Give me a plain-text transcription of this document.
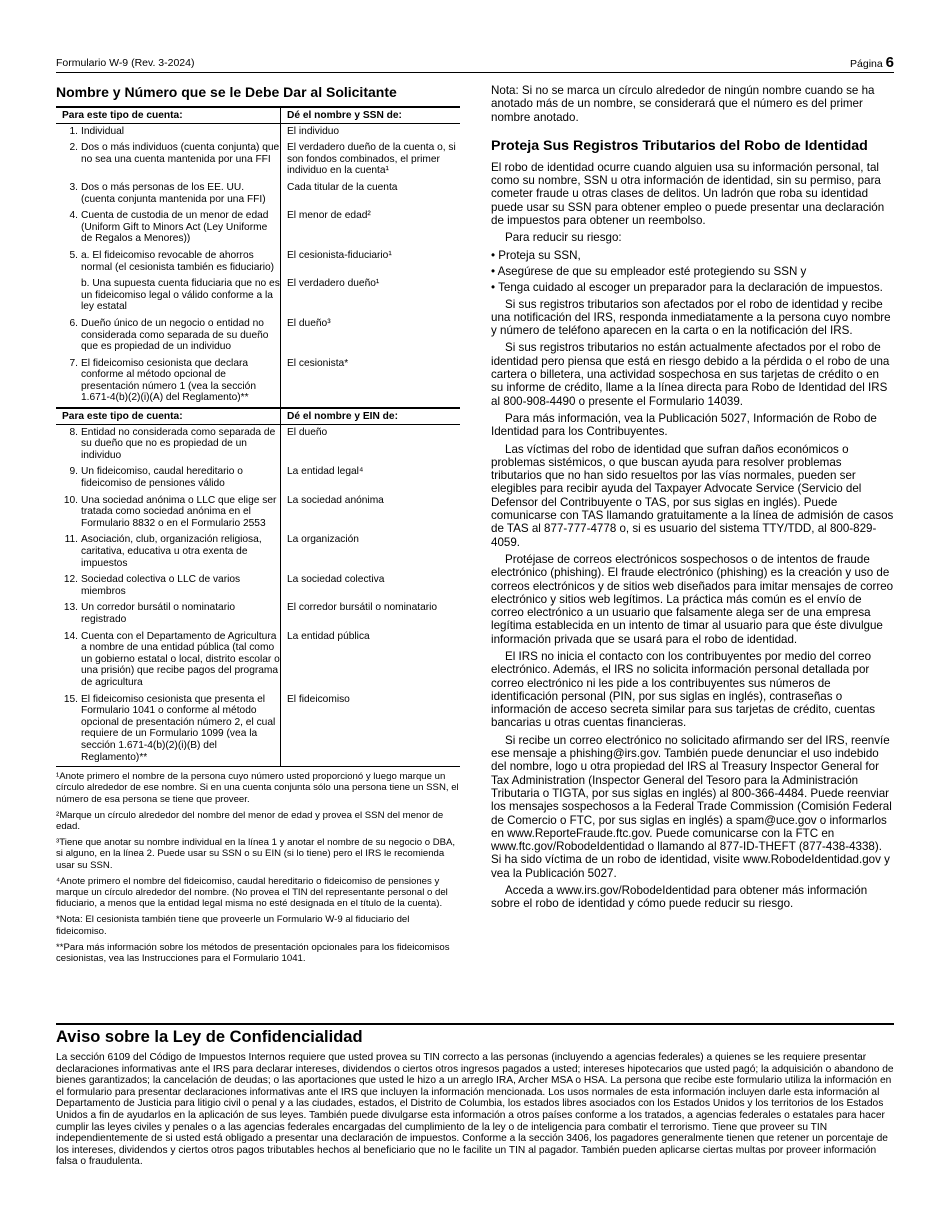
Formulario W-9 (Rev. 3-2024)	Página 6
Nombre y Número que se le Debe Dar al Solicitante
Para este tipo de cuenta:	Dé el nombre y SSN de:

1. Individual	El individuo

2. Dos o más individuos (cuenta conjunta) que no sea una cuenta mantenida por una FFI	El verdadero dueño de la cuenta o, si son fondos combinados, el primer individuo en la cuenta¹

3. Dos o más personas de los EE. UU. (cuenta conjunta mantenida por una FFI)	Cada titular de la cuenta

4. Cuenta de custodia de un menor de edad (Uniform Gift to Minors Act (Ley Uniforme de Regalos a Menores))	El menor de edad²

5. a. El fideicomiso revocable de ahorros normal (el cesionista también es fiduciario)	El cesionista-fiduciario¹

b. Una supuesta cuenta fiduciaria que no es un fideicomiso legal o válido conforme a la ley estatal	El verdadero dueño¹

6. Dueño único de un negocio o entidad no considerada como separada de su dueño que es propiedad de un individuo	El dueño³

7. El fideicomiso cesionista que declara conforme al método opcional de presentación número 1 (vea la sección 1.671-4(b)(2)(i)(A) del Reglamento)**	El cesionista*
Para este tipo de cuenta:	Dé el nombre y EIN de:

8. Entidad no considerada como separada de su dueño que no es propiedad de un individuo	El dueño

9. Un fideicomiso, caudal hereditario o fideicomiso de pensiones válido	La entidad legal⁴

10. Una sociedad anónima o LLC que elige ser tratada como sociedad anónima en el Formulario 8832 o en el Formulario 2553	La sociedad anónima

11. Asociación, club, organización religiosa, caritativa, educativa u otra exenta de impuestos	La organización

12. Sociedad colectiva o LLC de varios miembros	La sociedad colectiva

13. Un corredor bursátil o nominatario registrado	El corredor bursátil o nominatario

14. Cuenta con el Departamento de Agricultura a nombre de una entidad pública (tal como un gobierno estatal o local, distrito escolar o una prisión) que recibe pagos del programa de agricultura	La entidad pública

15. El fideicomiso cesionista que presenta el Formulario 1041 o conforme al método opcional de presentación número 2, el cual requiere de un Formulario 1099 (vea la sección 1.671-4(b)(2)(i)(B) del Reglamento)**	El fideicomiso

¹Anote primero el nombre de la persona cuyo número usted proporcionó y luego marque un círculo alrededor de ese nombre. Si en una cuenta conjunta sólo una persona tiene un SSN, el número de esa persona se tiene que proveer.

²Marque un círculo alrededor del nombre del menor de edad y provea el SSN del menor de edad.

³Tiene que anotar su nombre individual en la línea 1 y anotar el nombre de su negocio o DBA, si alguno, en la línea 2. Puede usar su SSN o su EIN (si lo tiene) pero el IRS le recomienda usar su SSN.

⁴Anote primero el nombre del fideicomiso, caudal hereditario o fideicomiso de pensiones y marque un círculo alrededor del nombre. (No provea el TIN del representante personal o del fiduciario, a menos que la entidad legal misma no esté designada en el título de la cuenta).

*Nota: El cesionista también tiene que proveerle un Formulario W-9 al fiduciario del fideicomiso.

**Para más información sobre los métodos de presentación opcionales para los fideicomisos cesionistas, vea las Instrucciones para el Formulario 1041.

Nota: Si no se marca un círculo alrededor de ningún nombre cuando se ha anotado más de un nombre, se considerará que el número es del primer nombre anotado.

Proteja Sus Registros Tributarios del Robo de Identidad

El robo de identidad ocurre cuando alguien usa su información personal, tal como su nombre, SSN u otra información de identidad, sin su permiso, para cometer fraude u otras clases de delitos. Un ladrón que roba su identidad puede usar su SSN para obtener empleo o puede presentar una declaración de impuestos para obtener un reembolso.

Para reducir su riesgo:

• Proteja su SSN,

• Asegúrese de que su empleador esté protegiendo su SSN y

• Tenga cuidado al escoger un preparador para la declaración de impuestos.

Si sus registros tributarios son afectados por el robo de identidad y recibe una notificación del IRS, responda inmediatamente a la persona cuyo nombre y número de teléfono aparecen en la carta o en la notificación del IRS.

Si sus registros tributarios no están actualmente afectados por el robo de identidad pero piensa que está en riesgo debido a la pérdida o el robo de una cartera o billetera, una actividad sospechosa en sus tarjetas de crédito o en su informe de crédito, llame a la línea directa para Robo de Identidad del IRS al 800-908-4490 o presente el Formulario 14039.

Para más información, vea la Publicación 5027, Información de Robo de Identidad para los Contribuyentes.

Las víctimas del robo de identidad que sufran daños económicos o problemas sistémicos, o que buscan ayuda para resolver problemas tributarios que no han sido resueltos por las vías normales, pueden ser elegibles para recibir ayuda del Taxpayer Advocate Service (Servicio del Defensor del Contribuyente o TAS, por sus siglas en inglés). Puede comunicarse con TAS llamando gratuitamente a la línea de admisión de casos de TAS al 877-777-4778 o, si es usuario del sistema TTY/TDD, al 800-829-4059.

Protéjase de correos electrónicos sospechosos o de intentos de fraude electrónico (phishing). El fraude electrónico (phishing) es la creación y uso de correos electrónicos y de sitios web diseñados para imitar mensajes de correo electrónico y sitios web legítimos. La práctica más común es el envío de correo electrónico a un usuario que falsamente alega ser de una empresa legítima establecida en un intento de timar al usuario para que éste divulgue información privada que se usará para el robo de identidad.

El IRS no inicia el contacto con los contribuyentes por medio del correo electrónico. Además, el IRS no solicita información personal detallada por correo electrónico ni les pide a los contribuyentes sus números de identificación personal (PIN, por sus siglas en inglés), contraseñas o información de acceso secreta similar para sus tarjetas de crédito, cuentas bancarias u otras cuentas financieras.

Si recibe un correo electrónico no solicitado afirmando ser del IRS, reenvíe ese mensaje a phishing@irs.gov. También puede denunciar el uso indebido del nombre, logo u otra propiedad del IRS al Treasury Inspector General for Tax Administration (Inspector General del Tesoro para la Administración Tributaria o TIGTA, por sus siglas en inglés) al 800-366-4484. Puede reenviar los mensajes sospechosos a la Federal Trade Commission (Comisión Federal de Comercio o FTC, por sus siglas en inglés) a spam@uce.gov o informarlos en www.ReporteFraude.ftc.gov. Puede comunicarse con la FTC en www.ftc.gov/RobodeIdentidad o llamando al 877-ID-THEFT (877-438-4338). Si ha sido víctima de un robo de identidad, visite www.RobodeIdentidad.gov y vea la Publicación 5027.

Acceda a www.irs.gov/RobodeIdentidad para obtener más información sobre el robo de identidad y cómo puede reducir su riesgo.

Aviso sobre la Ley de Confidencialidad

La sección 6109 del Código de Impuestos Internos requiere que usted provea su TIN correcto a las personas (incluyendo a agencias federales) a quienes se les requiere presentar declaraciones informativas ante el IRS para declarar intereses, dividendos o ciertos otros ingresos pagados a usted; intereses hipotecarios que usted pagó; la adquisición o abandono de bienes garantizados; la cancelación de deudas; o las aportaciones que usted le hizo a un arreglo IRA, Archer MSA o HSA. La persona que recibe este formulario utiliza la información en el formulario para presentar declaraciones informativas ante el IRS que incluyen la información mencionada. Los usos normales de esta información incluyen darle esta información al Departamento de Justicia para litigio civil o penal y a las ciudades, estados, el Distrito de Columbia, los estados libres asociados con los Estados Unidos y los territorios de los Estados Unidos a fin de ayudarlos en la aplicación de sus leyes. También puede divulgarse esta información a otros países conforme a los tratados, a agencias federales o estatales para hacer cumplir las leyes civiles y penales o a las agencias federales encargadas del cumplimiento de la ley o de inteligencia para combatir el terrorismo. Tiene que proveer su TIN independientemente de si usted está obligado a presentar una declaración de impuestos. Conforme a la sección 3406, los pagadores generalmente tienen que retener un porcentaje de los intereses, dividendos y ciertos otros pagos tributables hechos al beneficiario que no le facilite un TIN al pagador. También pueden aplicarse ciertas multas por proveer información falsa o fraudulenta.
